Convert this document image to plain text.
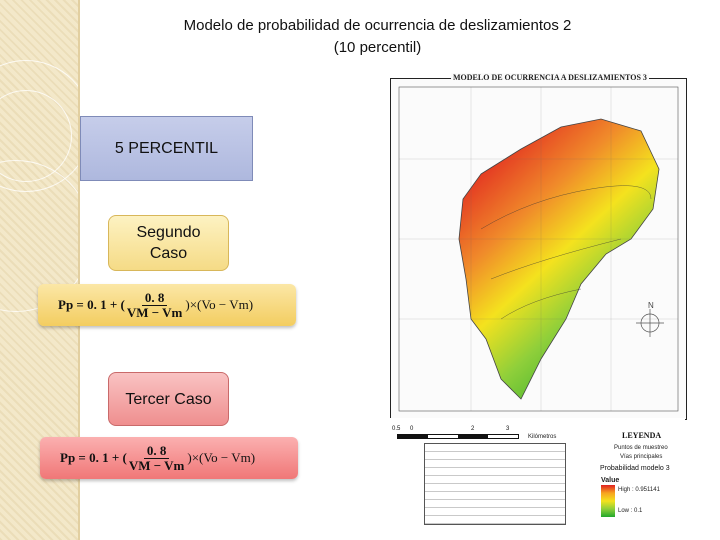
Modelo de probabilidad de ocurrencia de deslizamientos 2
(10 percentil)
5 PERCENTIL
Segundo Caso
Pp = 0. 1 + ( $\frac{0. 8}{VM - Vm} )\times(Vo - Vm)$
Tercer Caso
Pp = 0. 1 + ( $\frac{0. 8}{VM - Vm} )\times(Vo - Vm)$
MODELO DE OCURRENCIA A DESLIZAMIENTOS 3
N
0.5 0	2	3
Kilómetros	LEYENDA
Puntos de muestreo
Vías principales
Probabilidad modelo 3
Value
High : 0.951141
Low : 0.1
